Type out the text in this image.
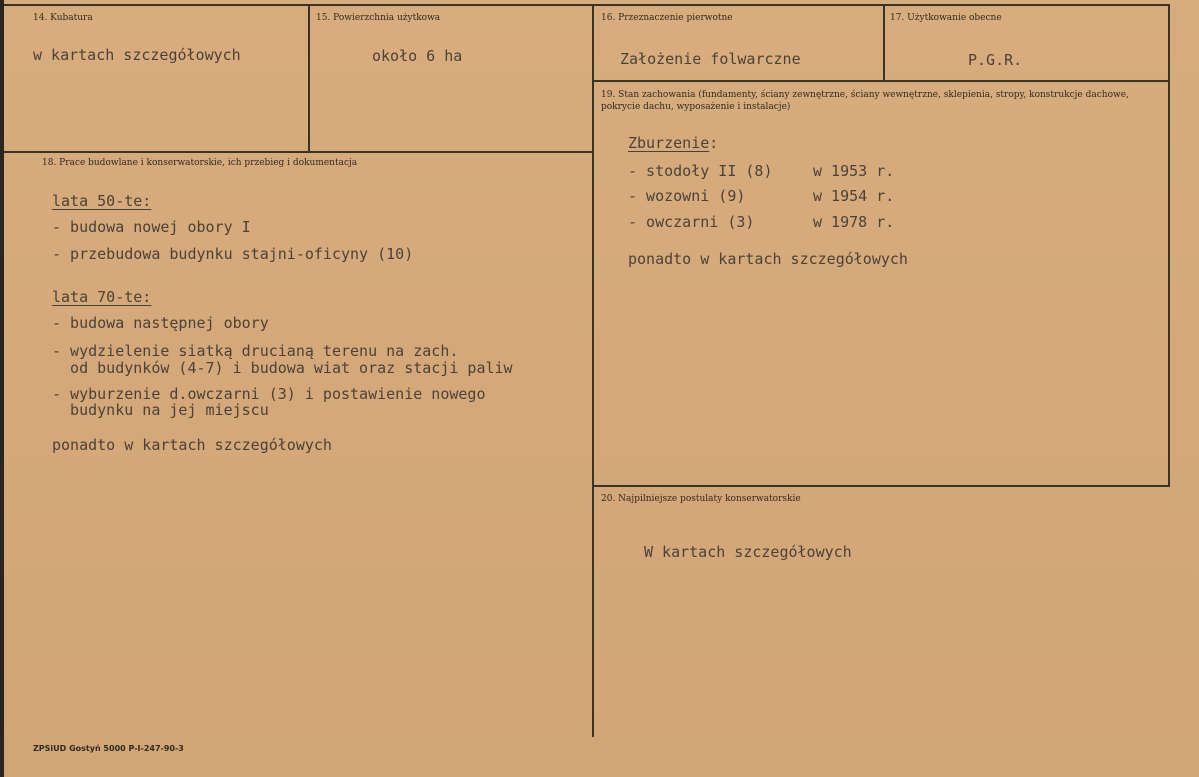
14. Kubatura
w kartach szczegółowych
15. Powierzchnia użytkowa
około 6 ha
16. Przeznaczenie pierwotne
Założenie folwarczne
17. Użytkowanie obecne
P.G.R.
18. Prace budowlane i konserwatorskie, ich przebieg i dokumentacja
lata 50-te:
- budowa nowej obory I
- przebudowa budynku stajni-oficyny (10)
lata 70-te:
- budowa następnej obory
- wydzielenie siatką drucianą terenu na zach.
od budynków (4-7) i budowa wiat oraz stacji paliw
- wyburzenie d.owczarni (3) i postawienie nowego
budynku na jej miejscu
ponadto w kartach szczegółowych
19. Stan zachowania (fundamenty, ściany zewnętrzne, ściany wewnętrzne, sklepienia, stropy, konstrukcje dachowe, pokrycie dachu, wyposażenie i instalacje)
Zburzenie:
- stodoły II (8)	w 1953 r.
- wozowni (9)	w 1954 r.
- owczarni (3)	w 1978 r.
ponadto w kartach szczegółowych
20. Najpilniejsze postulaty konserwatorskie
W kartach szczegółowych
ZPSiUD Gostyń 5000 P-I-247-90-3
